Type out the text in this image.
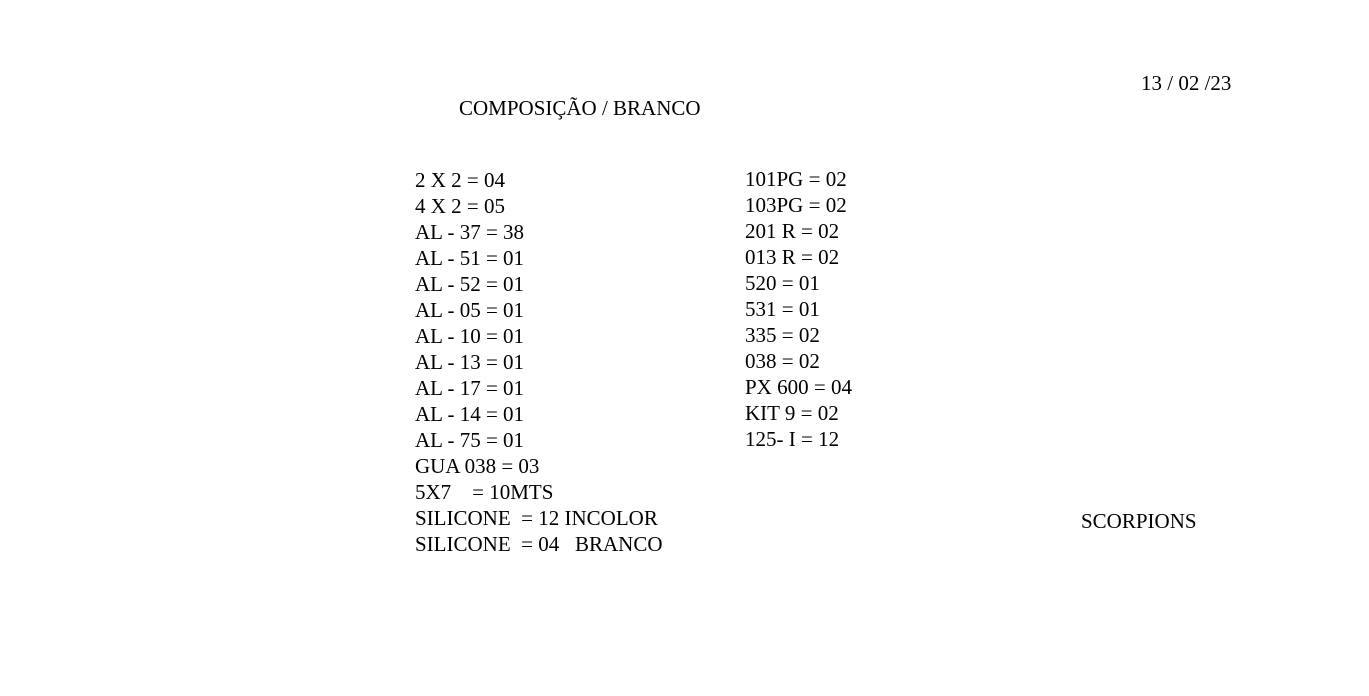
13 / 02 /23
COMPOSIÇÃO / BRANCO
2 X 2 = 04
4 X 2 = 05
AL - 37 = 38
AL - 51 = 01
AL - 52 = 01
AL - 05 = 01
AL - 10 = 01
AL - 13 = 01
AL - 17 = 01
AL - 14 = 01
AL - 75 = 01
GUA 038 = 03
5X7    = 10MTS
SILICONE  = 12 INCOLOR
SILICONE  = 04   BRANCO
101PG = 02
103PG = 02
201 R = 02
013 R = 02
520 = 01
531 = 01
335 = 02
038 = 02
PX 600 = 04
KIT 9 = 02
125- I = 12
SCORPIONS
